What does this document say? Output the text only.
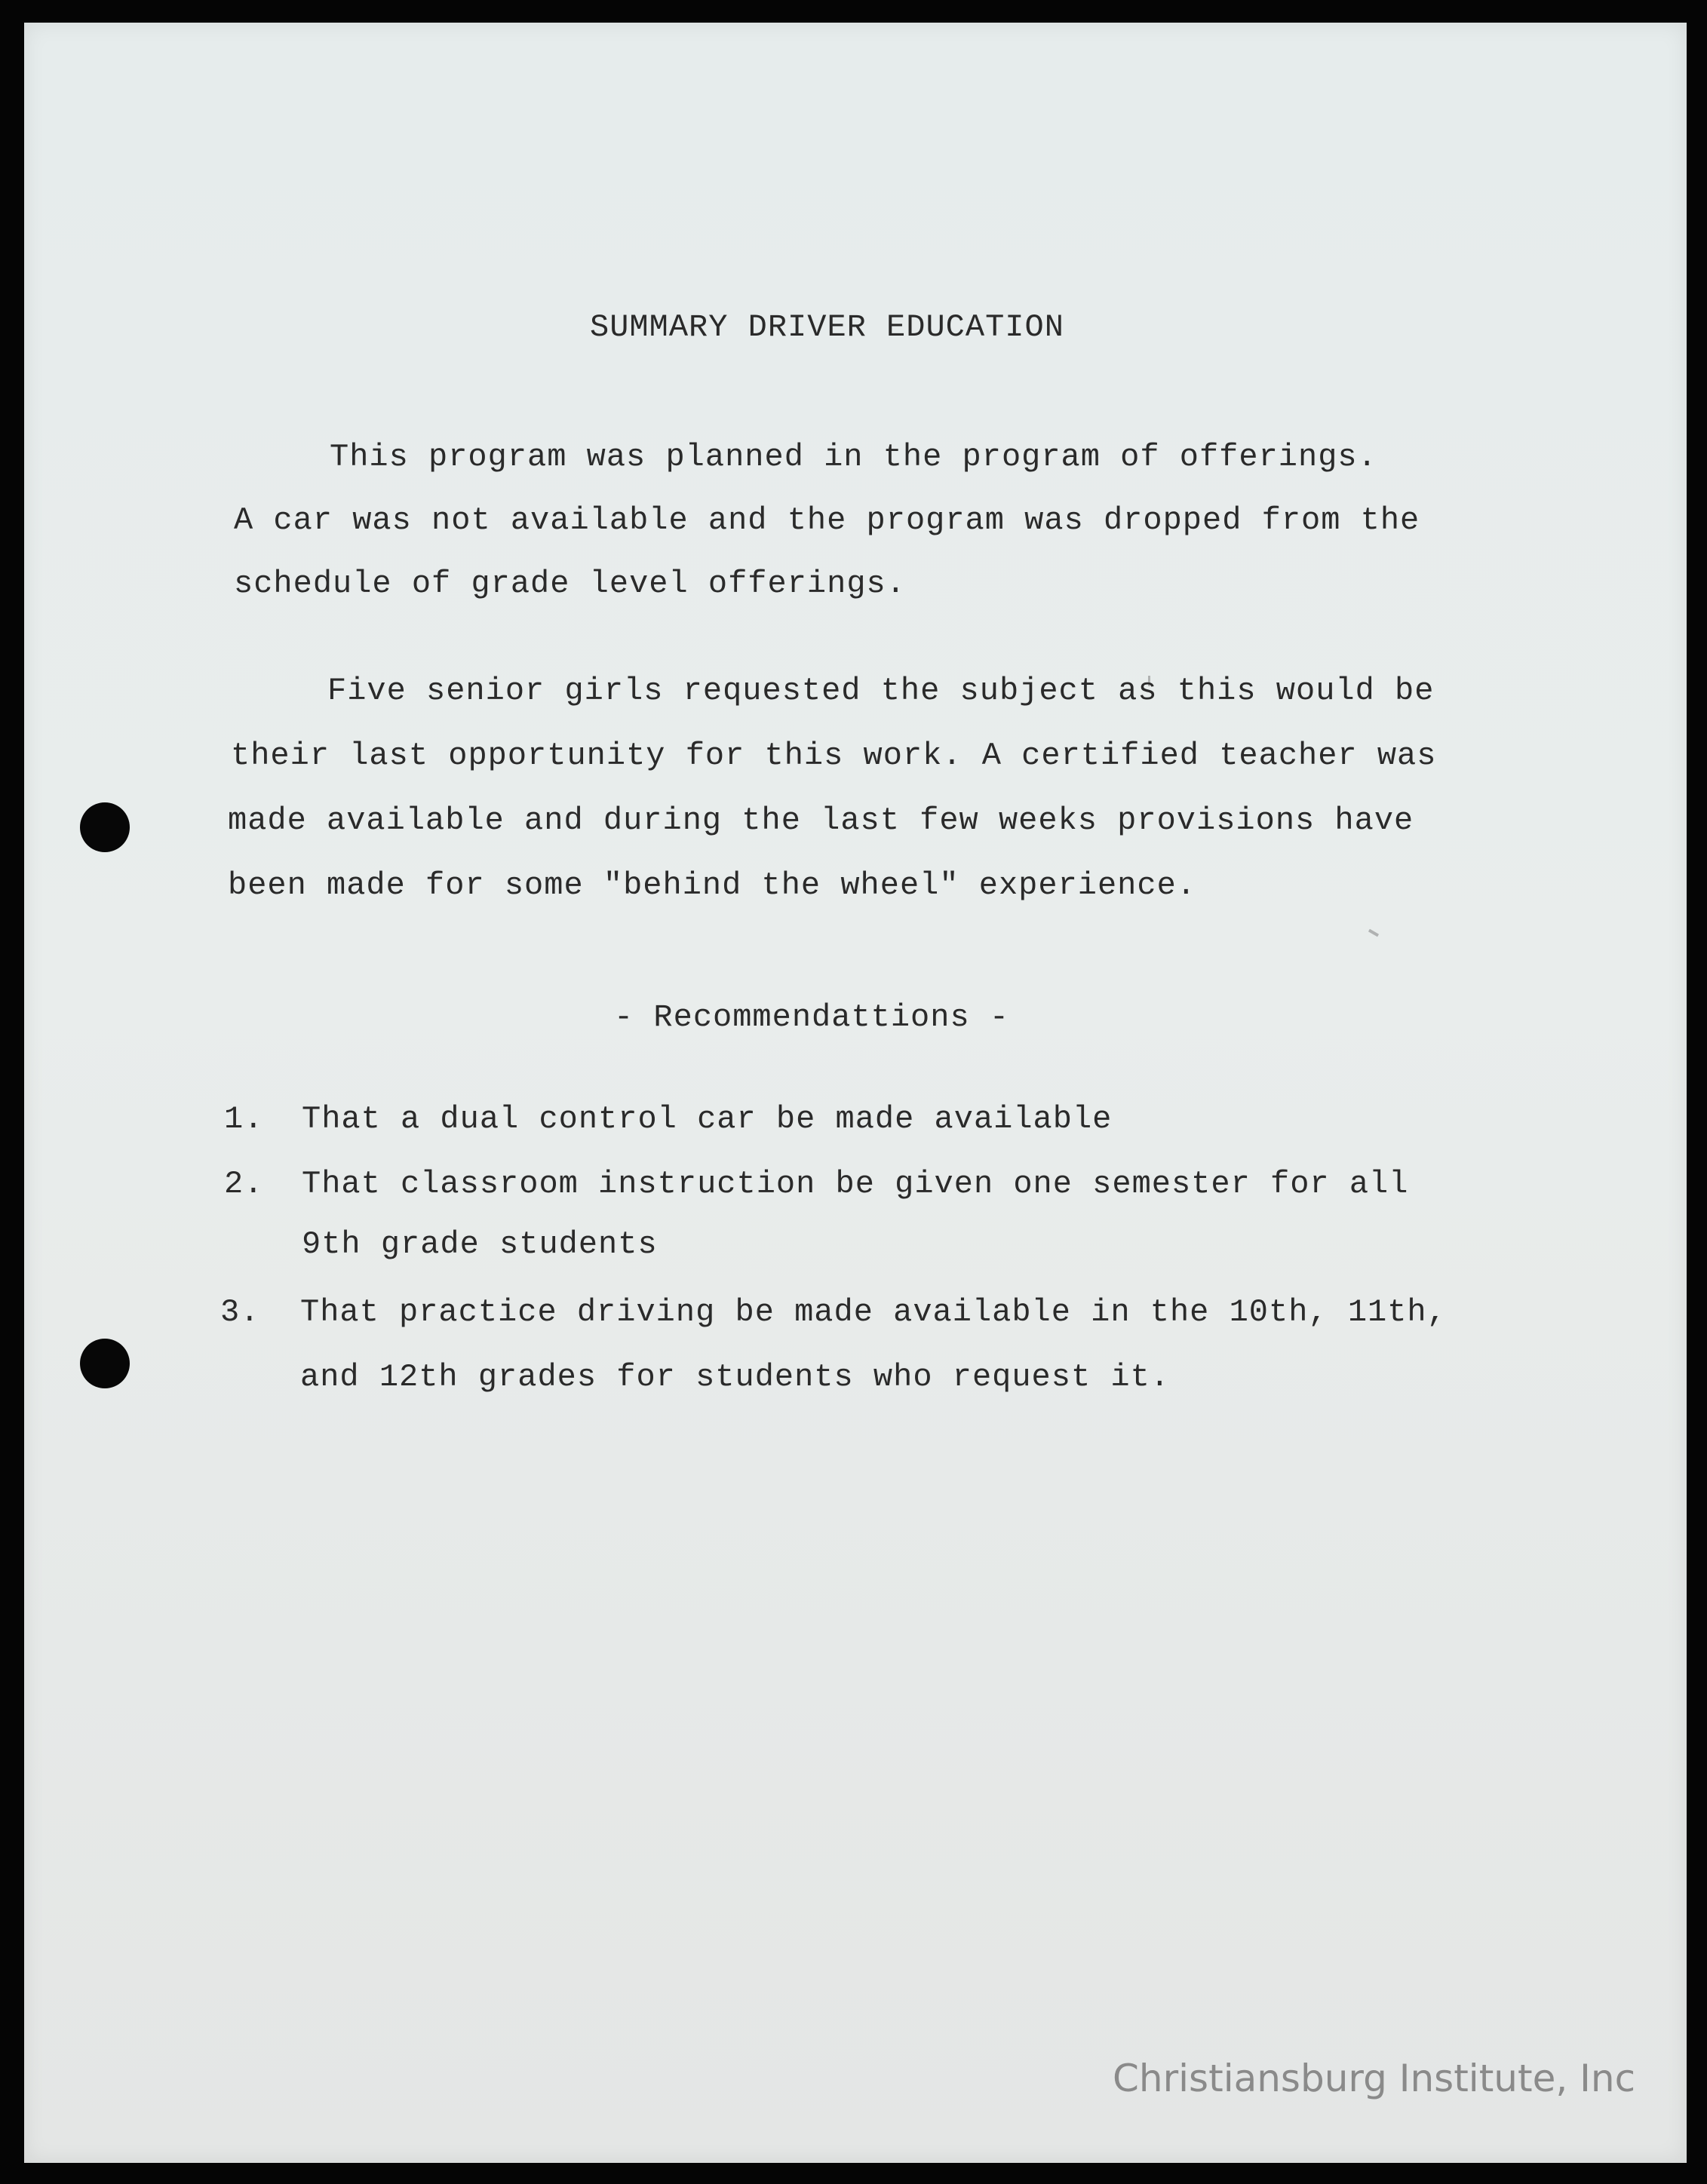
SUMMARY DRIVER EDUCATION
This program was planned in the program of offerings.
A car was not available and the program was dropped from the
schedule of grade level offerings.
Five senior girls requested the subject as this would be
their last opportunity for this work. A certified teacher was
made available and during the last few weeks provisions have
been made for some "behind the wheel" experience.
- Recommendattions -
1. That a dual control car be made available
2. That classroom instruction be given one semester for all
9th grade students
3. That practice driving be made available in the 10th, 11th,
and 12th grades for students who request it.
Christiansburg Institute, Inc
